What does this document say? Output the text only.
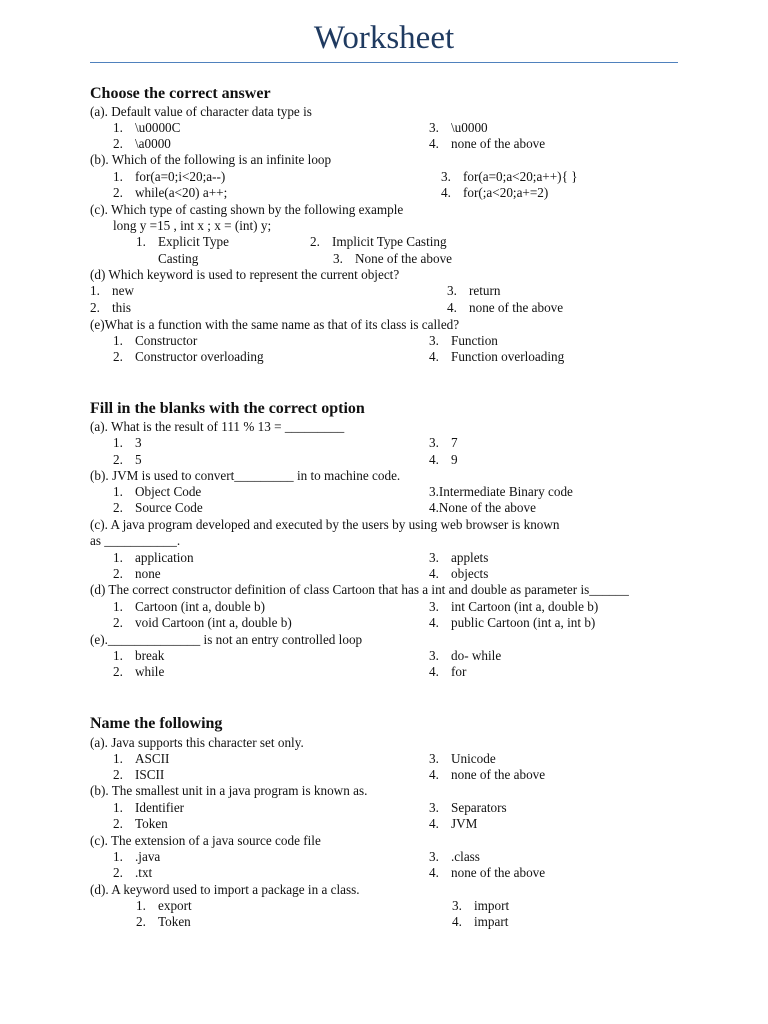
Worksheet
Choose the correct answer
(a). Default value of character data type is
1. \u0000C	3. \u0000
2. \a0000	4. none of the above
(b). Which of the following is an infinite loop
1. for(a=0;i<20;a--)	3. for(a=0;a<20;a++){ }
2. while(a<20) a++;	4. for(;a<20;a+=2)
(c). Which type of casting shown by the following example
long y =15 , int x ; x = (int) y;
1. Explicit Type	2. Implicit Type Casting
Casting	3. None of the above
(d) Which keyword is used to represent the current object?
1. new	3. return
2. this	4. none of the above
(e)What is a function with the same name as that of its class is called?
1. Constructor	3. Function
2. Constructor overloading	4. Function overloading
Fill in the blanks with the correct option
(a). What is the result of 111 % 13 = _________
1. 3	3. 7
2. 5	4. 9
(b). JVM is used to convert_________ in to machine code.
1. Object Code	3.Intermediate Binary code
2. Source Code	4.None of the above
(c). A java program developed and executed by the users by using web browser is known
as ___________.
1. application	3. applets
2. none	4. objects
(d) The correct constructor definition of class Cartoon that has a int and double as parameter is______
1. Cartoon (int a, double b)	3. int Cartoon (int a, double b)
2. void Cartoon (int a, double b)	4. public Cartoon (int a, int b)
(e).______________ is not an entry controlled loop
1. break	3. do- while
2. while	4. for
Name the following
(a). Java supports this character set only.
1. ASCII	3. Unicode
2. ISCII	4. none of the above
(b). The smallest unit in a java program is known as.
1. Identifier	3. Separators
2. Token	4. JVM
(c). The extension of a java source code file
1. .java	3. .class
2. .txt	4. none of the above
(d). A keyword used to import a package in a class.
1. export	3. import
2. Token	4. impart
